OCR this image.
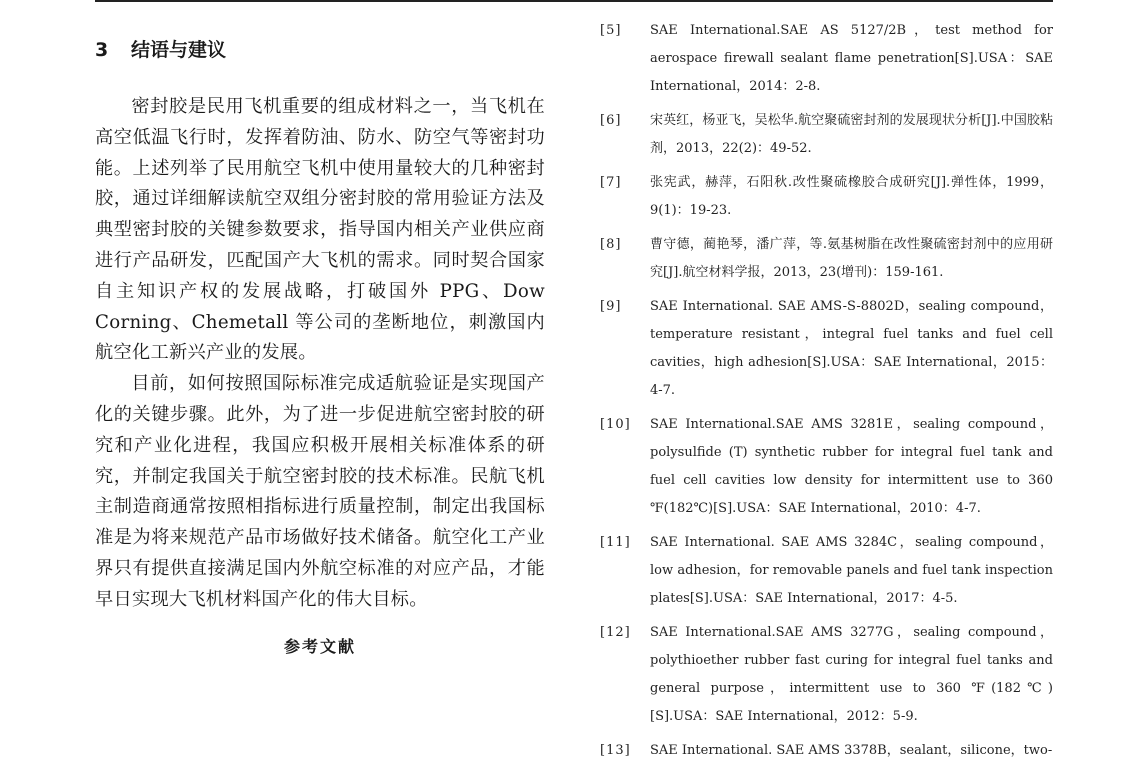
3 结语与建议

密封胶是民用飞机重要的组成材料之一，当飞机在高空低温飞行时，发挥着防油、防水、防空气等密封功能。上述列举了民用航空飞机中使用量较大的几种密封胶，通过详细解读航空双组分密封胶的常用验证方法及典型密封胶的关键参数要求，指导国内相关产业供应商进行产品研发，匹配国产大飞机的需求。同时契合国家自主知识产权的发展战略，打破国外 PPG、Dow Corning、Chemetall 等公司的垄断地位，刺激国内航空化工新兴产业的发展。

目前，如何按照国际标准完成适航验证是实现国产化的关键步骤。此外，为了进一步促进航空密封胶的研究和产业化进程，我国应积极开展相关标准体系的研究，并制定我国关于航空密封胶的技术标准。民航飞机主制造商通常按照相指标进行质量控制，制定出我国标准是为将来规范产品市场做好技术储备。航空化工产业界只有提供直接满足国内外航空标准的对应产品，才能早日实现大飞机材料国产化的伟大目标。

参考文献
[5]	SAE International.SAE AS 5127/2B，test method for aerospace firewall sealant flame penetration[S].USA：SAE International，2014：2-8.
[6]	宋英红，杨亚飞，吴松华.航空聚硫密封剂的发展现状分析[J].中国胶粘剂，2013，22(2)：49-52.
[7]	张宪武，赫萍，石阳秋.改性聚硫橡胶合成研究[J].弹性体，1999，9(1)：19-23.
[8]	曹守德，蔺艳琴，潘广萍，等.氨基树脂在改性聚硫密封剂中的应用研究[J].航空材料学报，2013，23(增刊)：159-161.
[9]	SAE International. SAE AMS-S-8802D，sealing compound，temperature resistant，integral fuel tanks and fuel cell cavities，high adhesion[S].USA：SAE International，2015：4-7.
[10]	SAE International.SAE AMS 3281E，sealing compound，polysulfide (T) synthetic rubber for integral fuel tank and fuel cell cavities low density for intermittent use to 360 ℉(182℃)[S].USA：SAE International，2010：4-7.
[11]	SAE International. SAE AMS 3284C，sealing compound，low adhesion，for removable panels and fuel tank inspection plates[S].USA：SAE International，2017：4-5.
[12]	SAE International.SAE AMS 3277G，sealing compound，polythioether rubber fast curing for integral fuel tanks and general purpose，intermittent use to 360 ℉(182℃)[S].USA：SAE International，2012：5-9.
[13]	SAE International. SAE AMS 3378B，sealant，silicone，two-
